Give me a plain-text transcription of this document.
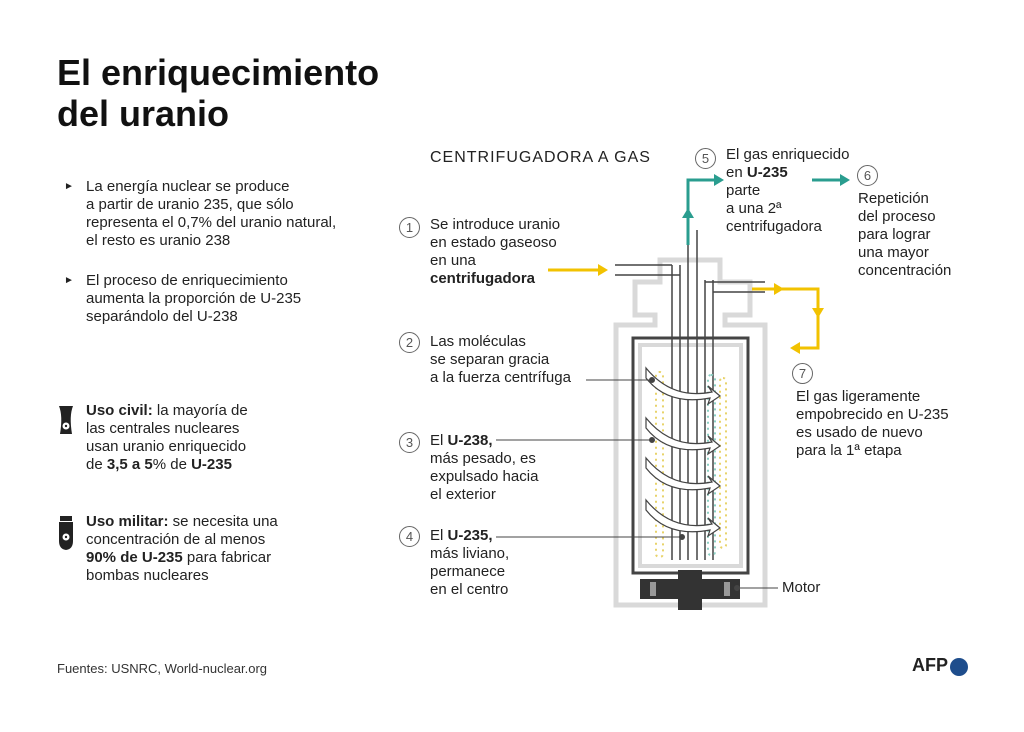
El enriquecimiento
del uranio
► La energía nuclear se produce
a partir de uranio 235, que sólo
representa el 0,7% del uranio natural,
el resto es uranio 238
► El proceso de enriquecimiento
aumenta la proporción de U-235
separándolo del U-238
Uso civil: la mayoría de
las centrales nucleares
usan uranio enriquecido
de 3,5 a 5% de U-235
Uso militar: se necesita una
concentración de al menos
90% de U-235 para fabricar
bombas nucleares
CENTRIFUGADORA A GAS
1
2
3
4
5
6
7
Se introduce uranio
en estado gaseoso
en una
centrifugadora
Las moléculas
se separan gracia
a la fuerza centrífuga
El U-238,
más pesado, es
expulsado hacia
el exterior
El U-235,
más liviano,
permanece
en el centro
El gas enriquecido
en U-235
parte
a una 2ª
centrifugadora
Repetición
del proceso
para lograr
una mayor
concentración
El gas ligeramente
empobrecido en U-235
es usado de nuevo
para la 1ª etapa
Motor
Fuentes: USNRC, World-nuclear.org	AFP
